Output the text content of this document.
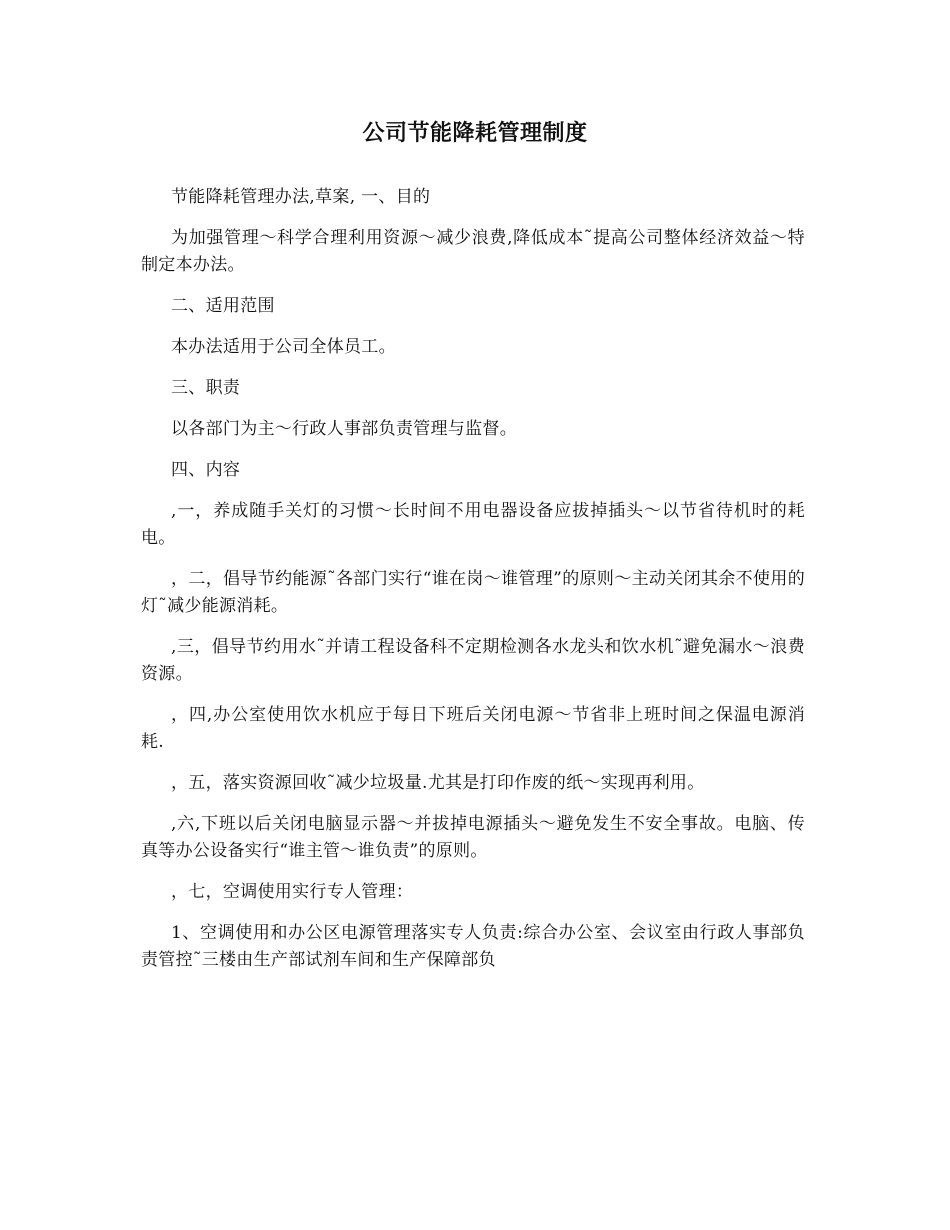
公司节能降耗管理制度

节能降耗管理办法,草案, 一、目的

为加强管理～科学合理利用资源～减少浪费,降低成本˜提高公司整体经济效益～特制定本办法。

二、适用范围

本办法适用于公司全体员工。

三、职责

以各部门为主～行政人事部负责管理与监督。

四、内容

,一，养成随手关灯的习惯～长时间不用电器设备应拔掉插头～以节省待机时的耗电。

，二，倡导节约能源˜各部门实行“谁在岗～谁管理”的原则～主动关闭其余不使用的灯˜减少能源消耗。

,三，倡导节约用水˜并请工程设备科不定期检测各水龙头和饮水机˜避免漏水～浪费资源。

，四,办公室使用饮水机应于每日下班后关闭电源～节省非上班时间之保温电源消耗.

，五，落实资源回收˜减少垃圾量.尤其是打印作废的纸～实现再利用。

,六,下班以后关闭电脑显示器～并拔掉电源插头～避免发生不安全事故。电脑、传真等办公设备实行“谁主管～谁负责”的原则。

，七，空调使用实行专人管理：

1、空调使用和办公区电源管理落实专人负责:综合办公室、会议室由行政人事部负责管控˜三楼由生产部试剂车间和生产保障部负
